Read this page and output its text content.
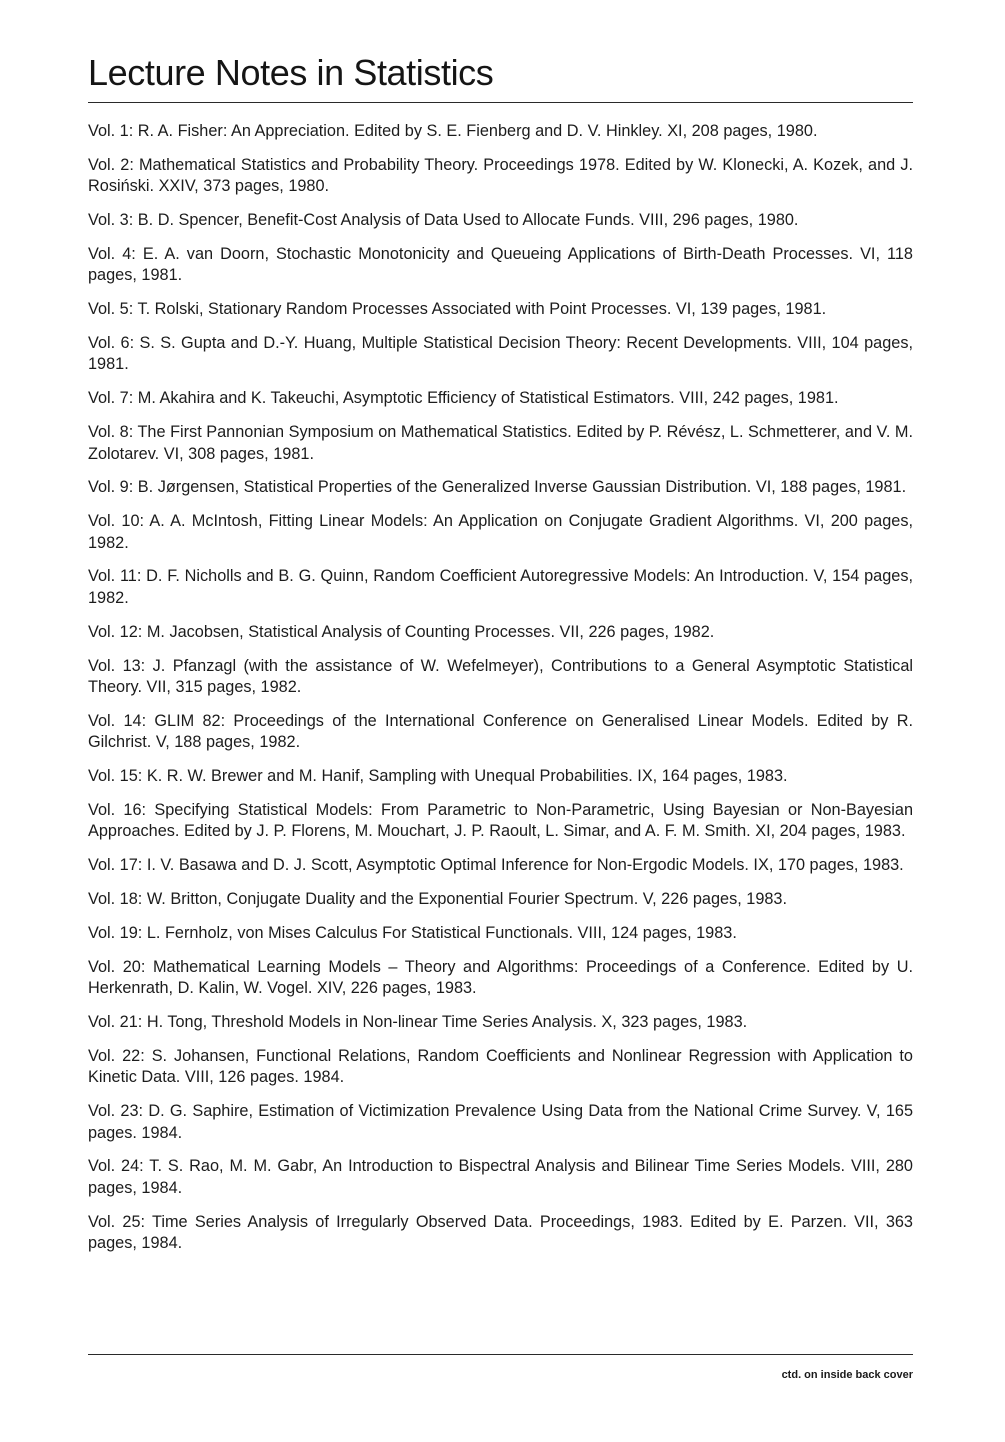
Lecture Notes in Statistics
Vol. 1: R. A. Fisher: An Appreciation. Edited by S. E. Fienberg and D. V. Hinkley. XI, 208 pages, 1980.
Vol. 2: Mathematical Statistics and Probability Theory. Proceedings 1978. Edited by W. Klonecki, A. Kozek, and J. Rosiński. XXIV, 373 pages, 1980.
Vol. 3: B. D. Spencer, Benefit-Cost Analysis of Data Used to Allocate Funds. VIII, 296 pages, 1980.
Vol. 4: E. A. van Doorn, Stochastic Monotonicity and Queueing Applications of Birth-Death Processes. VI, 118 pages, 1981.
Vol. 5: T. Rolski, Stationary Random Processes Associated with Point Processes. VI, 139 pages, 1981.
Vol. 6: S. S. Gupta and D.-Y. Huang, Multiple Statistical Decision Theory: Recent Developments. VIII, 104 pages, 1981.
Vol. 7: M. Akahira and K. Takeuchi, Asymptotic Efficiency of Statistical Estimators. VIII, 242 pages, 1981.
Vol. 8: The First Pannonian Symposium on Mathematical Statistics. Edited by P. Révész, L. Schmetterer, and V. M. Zolotarev. VI, 308 pages, 1981.
Vol. 9: B. Jørgensen, Statistical Properties of the Generalized Inverse Gaussian Distribution. VI, 188 pages, 1981.
Vol. 10: A. A. McIntosh, Fitting Linear Models: An Application on Conjugate Gradient Algorithms. VI, 200 pages, 1982.
Vol. 11: D. F. Nicholls and B. G. Quinn, Random Coefficient Autoregressive Models: An Introduction. V, 154 pages, 1982.
Vol. 12: M. Jacobsen, Statistical Analysis of Counting Processes. VII, 226 pages, 1982.
Vol. 13: J. Pfanzagl (with the assistance of W. Wefelmeyer), Contributions to a General Asymptotic Statistical Theory. VII, 315 pages, 1982.
Vol. 14: GLIM 82: Proceedings of the International Conference on Generalised Linear Models. Edited by R. Gilchrist. V, 188 pages, 1982.
Vol. 15: K. R. W. Brewer and M. Hanif, Sampling with Unequal Probabilities. IX, 164 pages, 1983.
Vol. 16: Specifying Statistical Models: From Parametric to Non-Parametric, Using Bayesian or Non-Bayesian Approaches. Edited by J. P. Florens, M. Mouchart, J. P. Raoult, L. Simar, and A. F. M. Smith. XI, 204 pages, 1983.
Vol. 17: I. V. Basawa and D. J. Scott, Asymptotic Optimal Inference for Non-Ergodic Models. IX, 170 pages, 1983.
Vol. 18: W. Britton, Conjugate Duality and the Exponential Fourier Spectrum. V, 226 pages, 1983.
Vol. 19: L. Fernholz, von Mises Calculus For Statistical Functionals. VIII, 124 pages, 1983.
Vol. 20: Mathematical Learning Models – Theory and Algorithms: Proceedings of a Conference. Edited by U. Herkenrath, D. Kalin, W. Vogel. XIV, 226 pages, 1983.
Vol. 21: H. Tong, Threshold Models in Non-linear Time Series Analysis. X, 323 pages, 1983.
Vol. 22: S. Johansen, Functional Relations, Random Coefficients and Nonlinear Regression with Application to Kinetic Data. VIII, 126 pages. 1984.
Vol. 23: D. G. Saphire, Estimation of Victimization Prevalence Using Data from the National Crime Survey. V, 165 pages. 1984.
Vol. 24: T. S. Rao, M. M. Gabr, An Introduction to Bispectral Analysis and Bilinear Time Series Models. VIII, 280 pages, 1984.
Vol. 25: Time Series Analysis of Irregularly Observed Data. Proceedings, 1983. Edited by E. Parzen. VII, 363 pages, 1984.
ctd. on inside back cover
